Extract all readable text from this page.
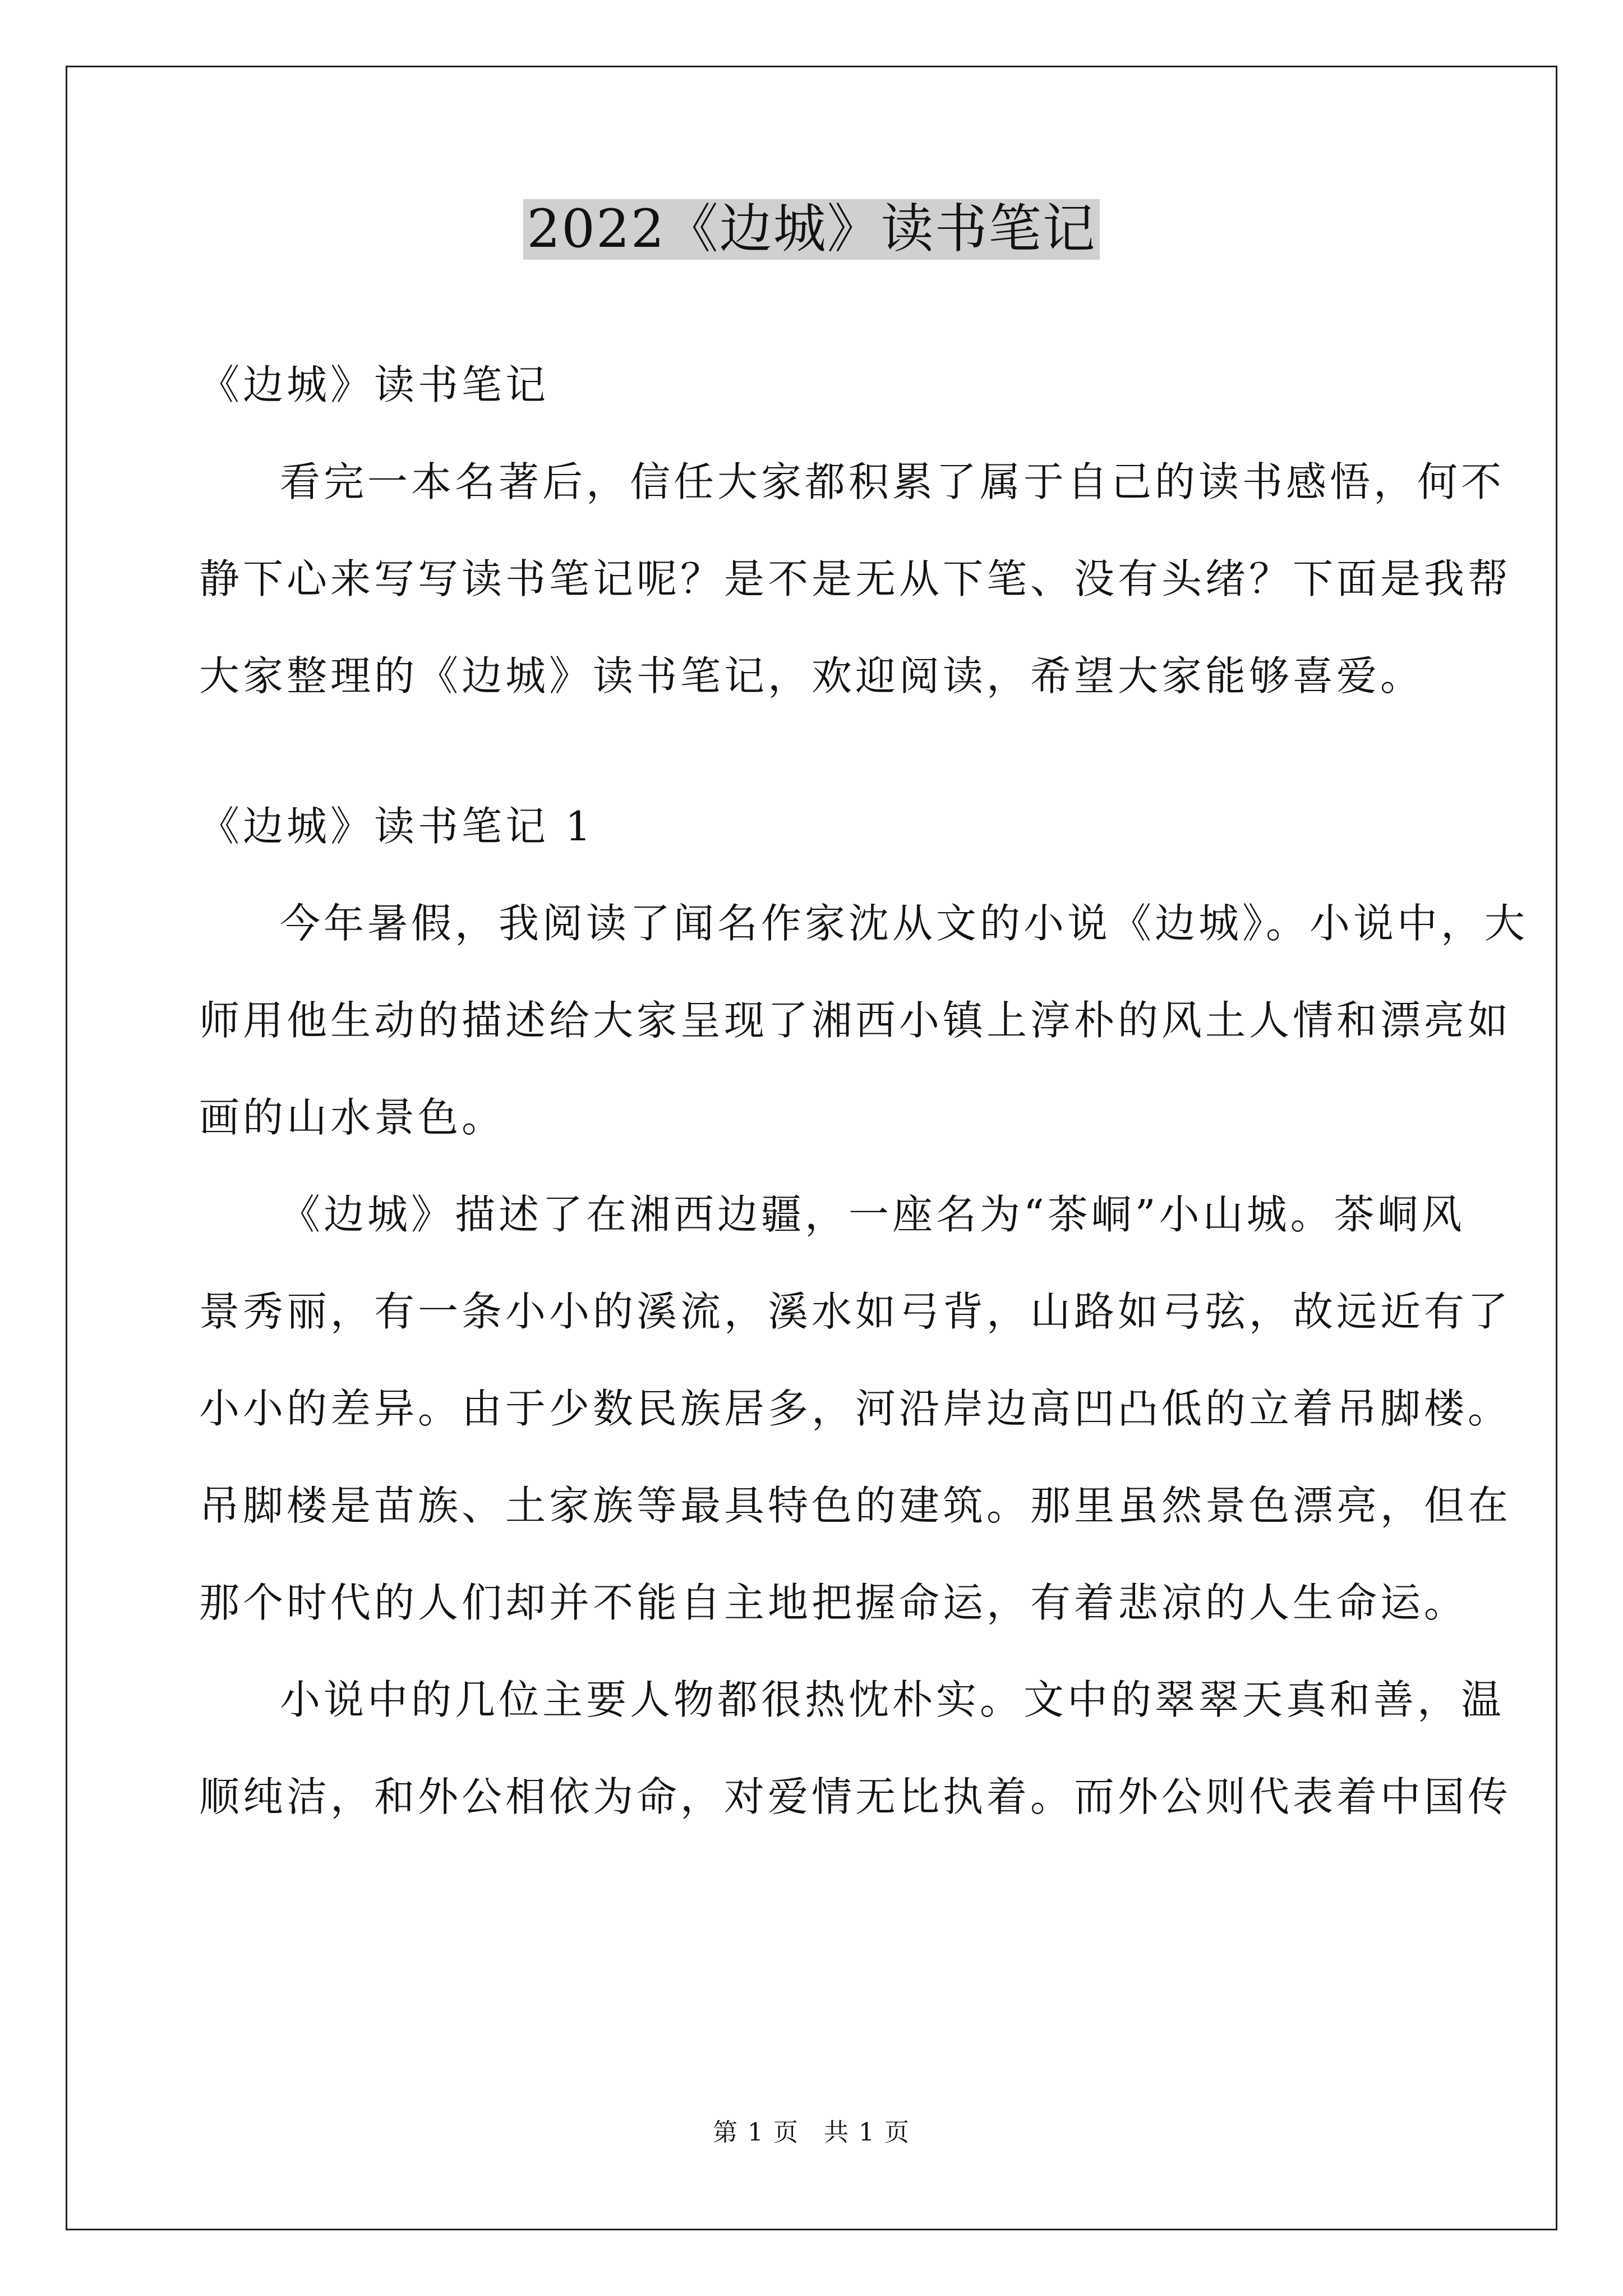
2022《边城》读书笔记
《边城》读书笔记
看完一本名著后，信任大家都积累了属于自己的读书感悟，何不
静下心来写写读书笔记呢？是不是无从下笔、没有头绪？下面是我帮
大家整理的《边城》读书笔记，欢迎阅读，希望大家能够喜爱。
《边城》读书笔记 1
今年暑假，我阅读了闻名作家沈从文的小说《边城》。小说中，大
师用他生动的描述给大家呈现了湘西小镇上淳朴的风土人情和漂亮如
画的山水景色。
《边城》描述了在湘西边疆，一座名为“茶峒”小山城。茶峒风
景秀丽，有一条小小的溪流，溪水如弓背，山路如弓弦，故远近有了
小小的差异。由于少数民族居多，河沿岸边高凹凸低的立着吊脚楼。
吊脚楼是苗族、土家族等最具特色的建筑。那里虽然景色漂亮，但在
那个时代的人们却并不能自主地把握命运，有着悲凉的人生命运。
小说中的几位主要人物都很热忱朴实。文中的翠翠天真和善，温
顺纯洁，和外公相依为命，对爱情无比执着。而外公则代表着中国传
第 1 页 共 1 页
